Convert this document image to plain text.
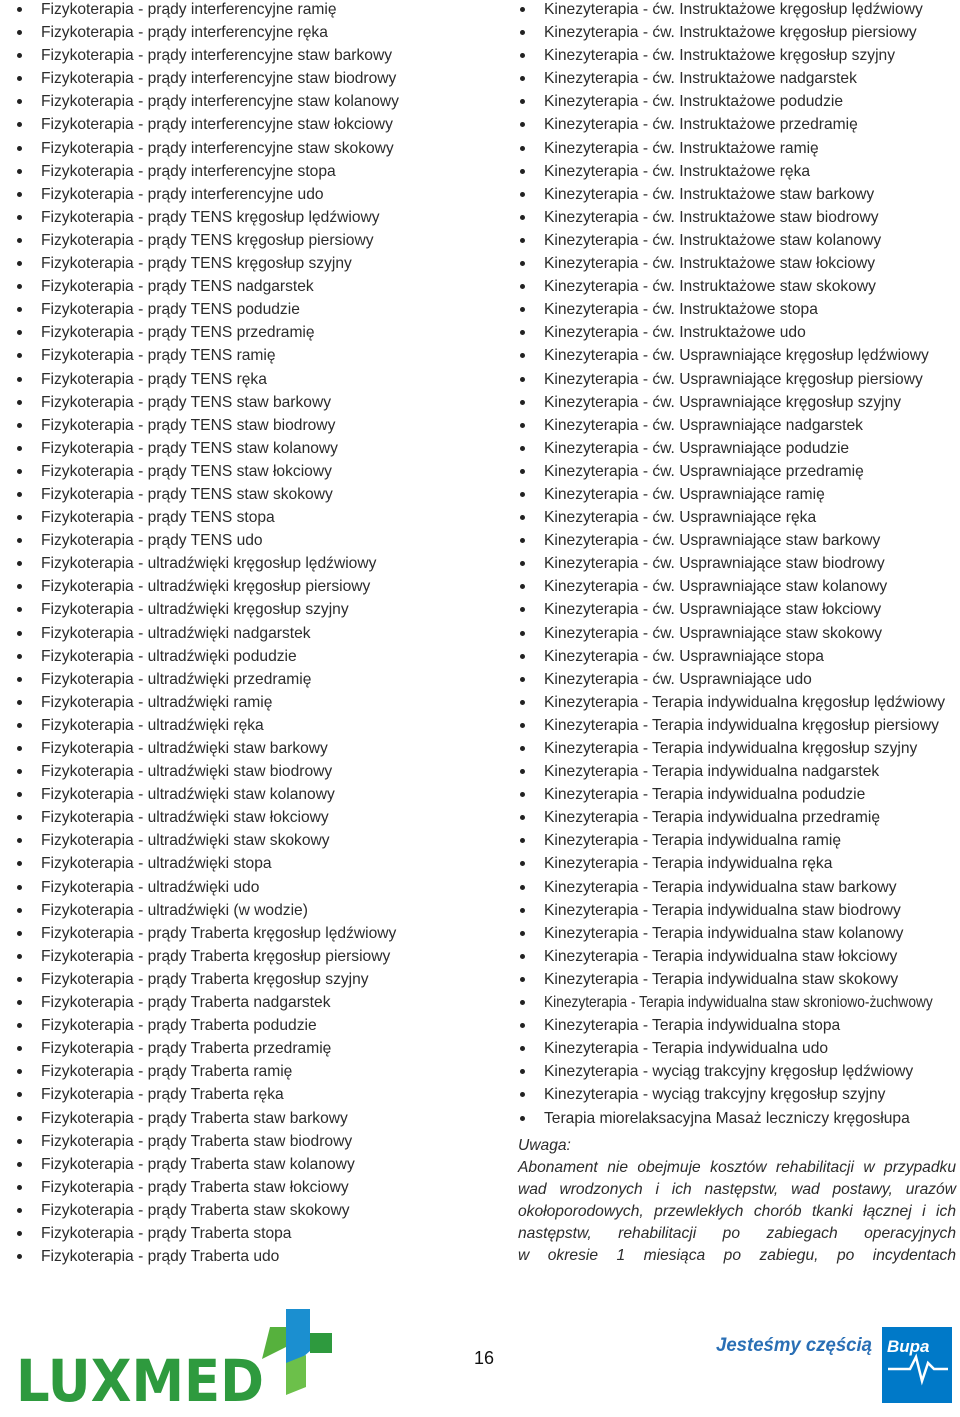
Fizykoterapia - prądy interferencyjne ramię
Fizykoterapia - prądy interferencyjne ręka
Fizykoterapia - prądy interferencyjne staw barkowy
Fizykoterapia - prądy interferencyjne staw biodrowy
Fizykoterapia - prądy interferencyjne staw kolanowy
Fizykoterapia - prądy interferencyjne staw łokciowy
Fizykoterapia - prądy interferencyjne staw skokowy
Fizykoterapia - prądy interferencyjne stopa
Fizykoterapia - prądy interferencyjne udo
Fizykoterapia - prądy TENS kręgosłup lędźwiowy
Fizykoterapia - prądy TENS kręgosłup piersiowy
Fizykoterapia - prądy TENS kręgosłup szyjny
Fizykoterapia - prądy TENS nadgarstek
Fizykoterapia - prądy TENS podudzie
Fizykoterapia - prądy TENS przedramię
Fizykoterapia - prądy TENS ramię
Fizykoterapia - prądy TENS ręka
Fizykoterapia - prądy TENS staw barkowy
Fizykoterapia - prądy TENS staw biodrowy
Fizykoterapia - prądy TENS staw kolanowy
Fizykoterapia - prądy TENS staw łokciowy
Fizykoterapia - prądy TENS staw skokowy
Fizykoterapia - prądy TENS stopa
Fizykoterapia - prądy TENS udo
Fizykoterapia - ultradźwięki kręgosłup lędźwiowy
Fizykoterapia - ultradźwięki kręgosłup piersiowy
Fizykoterapia - ultradźwięki kręgosłup szyjny
Fizykoterapia - ultradźwięki nadgarstek
Fizykoterapia - ultradźwięki podudzie
Fizykoterapia - ultradźwięki przedramię
Fizykoterapia - ultradźwięki ramię
Fizykoterapia - ultradźwięki ręka
Fizykoterapia - ultradźwięki staw barkowy
Fizykoterapia - ultradźwięki staw biodrowy
Fizykoterapia - ultradźwięki staw kolanowy
Fizykoterapia - ultradźwięki staw łokciowy
Fizykoterapia - ultradźwięki staw skokowy
Fizykoterapia - ultradźwięki stopa
Fizykoterapia - ultradźwięki udo
Fizykoterapia - ultradźwięki (w wodzie)
Fizykoterapia - prądy Traberta kręgosłup lędźwiowy
Fizykoterapia - prądy Traberta kręgosłup piersiowy
Fizykoterapia - prądy Traberta kręgosłup szyjny
Fizykoterapia - prądy Traberta nadgarstek
Fizykoterapia - prądy Traberta podudzie
Fizykoterapia - prądy Traberta przedramię
Fizykoterapia - prądy Traberta ramię
Fizykoterapia - prądy Traberta ręka
Fizykoterapia - prądy Traberta staw barkowy
Fizykoterapia - prądy Traberta staw biodrowy
Fizykoterapia - prądy Traberta staw kolanowy
Fizykoterapia - prądy Traberta staw łokciowy
Fizykoterapia - prądy Traberta staw skokowy
Fizykoterapia - prądy Traberta stopa
Fizykoterapia - prądy Traberta udo
Kinezyterapia - ćw. Instruktażowe kręgosłup lędźwiowy
Kinezyterapia - ćw. Instruktażowe kręgosłup piersiowy
Kinezyterapia - ćw. Instruktażowe kręgosłup szyjny
Kinezyterapia - ćw. Instruktażowe nadgarstek
Kinezyterapia - ćw. Instruktażowe podudzie
Kinezyterapia - ćw. Instruktażowe przedramię
Kinezyterapia - ćw. Instruktażowe ramię
Kinezyterapia - ćw. Instruktażowe ręka
Kinezyterapia - ćw. Instruktażowe staw barkowy
Kinezyterapia - ćw. Instruktażowe staw biodrowy
Kinezyterapia - ćw. Instruktażowe staw kolanowy
Kinezyterapia - ćw. Instruktażowe staw łokciowy
Kinezyterapia - ćw. Instruktażowe staw skokowy
Kinezyterapia - ćw. Instruktażowe stopa
Kinezyterapia - ćw. Instruktażowe udo
Kinezyterapia - ćw. Usprawniające kręgosłup lędźwiowy
Kinezyterapia - ćw. Usprawniające kręgosłup piersiowy
Kinezyterapia - ćw. Usprawniające kręgosłup szyjny
Kinezyterapia - ćw. Usprawniające nadgarstek
Kinezyterapia - ćw. Usprawniające podudzie
Kinezyterapia - ćw. Usprawniające przedramię
Kinezyterapia - ćw. Usprawniające ramię
Kinezyterapia - ćw. Usprawniające ręka
Kinezyterapia - ćw. Usprawniające staw barkowy
Kinezyterapia - ćw. Usprawniające staw biodrowy
Kinezyterapia - ćw. Usprawniające staw kolanowy
Kinezyterapia - ćw. Usprawniające staw łokciowy
Kinezyterapia - ćw. Usprawniające staw skokowy
Kinezyterapia - ćw. Usprawniające stopa
Kinezyterapia - ćw. Usprawniające udo
Kinezyterapia - Terapia indywidualna kręgosłup lędźwiowy
Kinezyterapia - Terapia indywidualna kręgosłup piersiowy
Kinezyterapia - Terapia indywidualna kręgosłup szyjny
Kinezyterapia - Terapia indywidualna nadgarstek
Kinezyterapia - Terapia indywidualna podudzie
Kinezyterapia - Terapia indywidualna przedramię
Kinezyterapia - Terapia indywidualna ramię
Kinezyterapia - Terapia indywidualna ręka
Kinezyterapia - Terapia indywidualna staw barkowy
Kinezyterapia - Terapia indywidualna staw biodrowy
Kinezyterapia - Terapia indywidualna staw kolanowy
Kinezyterapia - Terapia indywidualna staw łokciowy
Kinezyterapia - Terapia indywidualna staw skokowy
Kinezyterapia - Terapia indywidualna staw skroniowo-żuchwowy
Kinezyterapia - Terapia indywidualna stopa
Kinezyterapia - Terapia indywidualna udo
Kinezyterapia - wyciąg trakcyjny kręgosłup lędźwiowy
Kinezyterapia - wyciąg trakcyjny kręgosłup szyjny
Terapia miorelaksacyjna Masaż leczniczy kręgosłupa

Uwaga:

Abonament nie obejmuje kosztów rehabilitacji w przypadku

wad wrodzonych i ich następstw, wad postawy, urazów

okołoporodowych, przewlekłych chorób tkanki łącznej i ich

następstw, rehabilitacji po zabiegach operacyjnych

w okresie 1 miesiąca po zabiegu, po incydentach

LUXMED	16
Jesteśmy częścią Bupa
